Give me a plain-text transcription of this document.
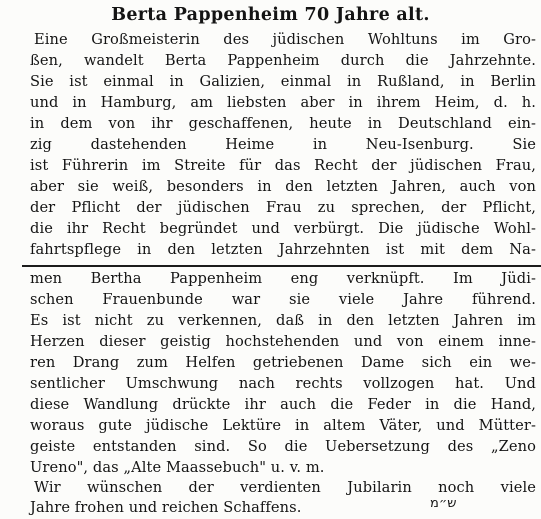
Berta Pappenheim 70 Jahre alt.
Eine Großmeisterin des jüdischen Wohltuns im Gro-
ßen, wandelt Berta Pappenheim durch die Jahrzehnte.
Sie ist einmal in Galizien, einmal in Rußland, in Berlin
und in Hamburg, am liebsten aber in ihrem Heim, d. h.
in dem von ihr geschaffenen, heute in Deutschland ein-
zig dastehenden Heime in Neu-Isenburg. Sie
ist Führerin im Streite für das Recht der jüdischen Frau,
aber sie weiß, besonders in den letzten Jahren, auch von
der Pflicht der jüdischen Frau zu sprechen, der Pflicht,
die ihr Recht begründet und verbürgt. Die jüdische Wohl-
fahrtspflege in den letzten Jahrzehnten ist mit dem Na-
men Bertha Pappenheim eng verknüpft. Im Jüdi-
schen Frauenbunde war sie viele Jahre führend.
Es ist nicht zu verkennen, daß in den letzten Jahren im
Herzen dieser geistig hochstehenden und von einem inne-
ren Drang zum Helfen getriebenen Dame sich ein we-
sentlicher Umschwung nach rechts vollzogen hat. Und
diese Wandlung drückte ihr auch die Feder in die Hand,
woraus gute jüdische Lektüre in altem Väter, und Mütter-
geiste entstanden sind. So die Uebersetzung des „Zeno
Ureno", das „Alte Maassebuch" u. v. m.
Wir wünschen der verdienten Jubilarin noch viele
Jahre frohen und reichen Schaffens.	ש״מ
